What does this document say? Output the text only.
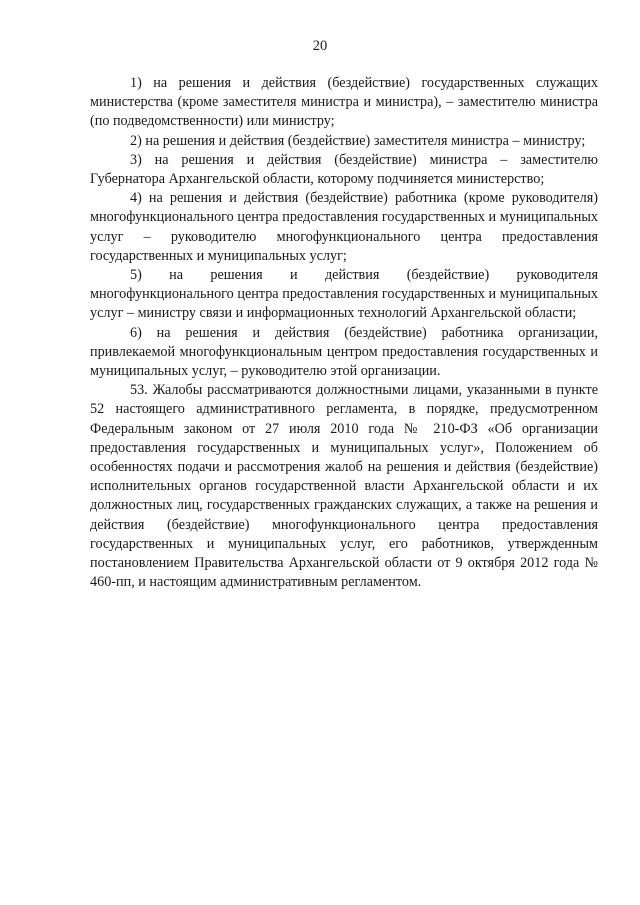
20

1) на решения и действия (бездействие) государственных служащих министерства (кроме заместителя министра и министра), – заместителю министра (по подведомственности) или министру;

2) на решения и действия (бездействие) заместителя министра – министру;

3) на решения и действия (бездействие) министра – заместителю Губернатора Архангельской области, которому подчиняется министерство;

4) на решения и действия (бездействие) работника (кроме руководителя) многофункционального центра предоставления государственных и муниципальных услуг – руководителю многофункционального центра предоставления государственных и муниципальных услуг;

5) на решения и действия (бездействие) руководителя многофункционального центра предоставления государственных и муниципальных услуг – министру связи и информационных технологий Архангельской области;

6) на решения и действия (бездействие) работника организации, привлекаемой многофункциональным центром предоставления государственных и муниципальных услуг, – руководителю этой организации.

53. Жалобы рассматриваются должностными лицами, указанными в пункте 52 настоящего административного регламента, в порядке, предусмотренном Федеральным законом от 27 июля 2010 года № 210-ФЗ «Об организации предоставления государственных и муниципальных услуг», Положением об особенностях подачи и рассмотрения жалоб на решения и действия (бездействие) исполнительных органов государственной власти Архангельской области и их должностных лиц, государственных гражданских служащих, а также на решения и действия (бездействие) многофункционального центра предоставления государственных и муниципальных услуг, его работников, утвержденным постановлением Правительства Архангельской области от 9 октября 2012 года № 460-пп, и настоящим административным регламентом.
